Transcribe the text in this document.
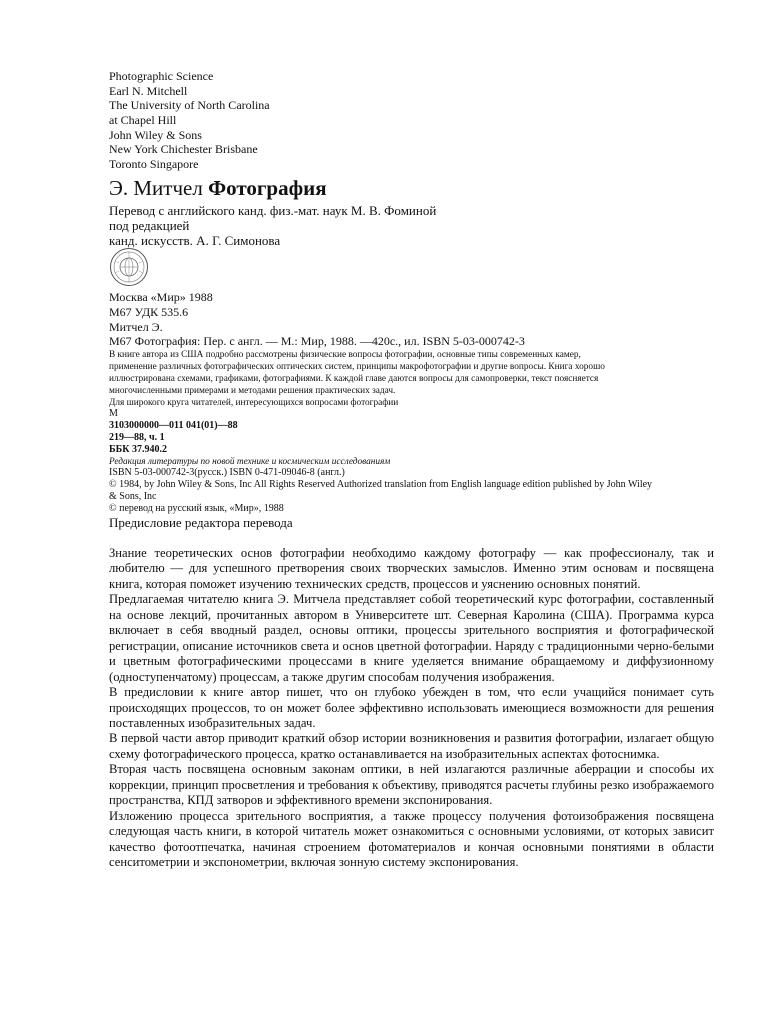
Photographic Science
Earl N. Mitchell
The University of North Carolina
at Chapel Hill
John Wiley & Sons
New York Chichester Brisbane
Toronto Singapore
Э. Митчел Фотография
Перевод с английского канд. физ.-мат. наук М. В. Фоминой
под редакцией
канд. искусств. А. Г. Симонова
Москва «Мир» 1988
М67 УДК 535.6
Митчел Э.
М67 Фотография: Пер. с англ. — М.: Мир, 1988. —420с., ил. ISBN 5-03-000742-3
В книге автора из США подробно рассмотрены физические вопросы фотографии, основные типы современных камер,
применение различных фотографических оптических систем, принципы макрофотографии и другие вопросы. Книга хорошо
иллюстрирована схемами, графиками, фотографиями. К каждой главе даются вопросы для самопроверки, текст поясняется
многочисленными примерами и методами решения практических задач.
Для широкого круга читателей, интересующихся вопросами фотографии
М
3103000000—011 041(01)—88
219—88, ч. 1
ББК 37.940.2
Редакция литературы по новой технике и космическим исследованиям
ISBN 5-03-000742-3(русск.) ISBN 0-471-09046-8 (англ.)
© 1984, by John Wiley & Sons, Inc All Rights Reserved Authorized translation from English language edition published by John Wiley
& Sons, Inc
© перевод на русский язык, «Мир», 1988
Предисловие редактора перевода

Знание теоретических основ фотографии необходимо каждому фотографу — как профессионалу, так и любителю — для успешного претворения своих творческих замыслов. Именно этим основам и посвящена книга, которая поможет изучению технических средств, процессов и уяснению основных понятий.

Предлагаемая читателю книга Э. Митчела представляет собой теоретический курс фотографии, составленный на основе лекций, прочитанных автором в Университете шт. Северная Каролина (США). Программа курса включает в себя вводный раздел, основы оптики, процессы зрительного восприятия и фотографической регистрации, описание источников света и основ цветной фотографии. Наряду с традиционными черно-белыми и цветным фотографическими процессами в книге уделяется внимание обращаемому и диффузионному (одноступенчатому) процессам, а также другим способам получения изображения.

В предисловии к книге автор пишет, что он глубоко убежден в том, что если учащийся понимает суть происходящих процессов, то он может более эффективно использовать имеющиеся возможности для решения поставленных изобразительных задач.

В первой части автор приводит краткий обзор истории возникновения и развития фотографии, излагает общую схему фотографического процесса, кратко останавливается на изобразительных аспектах фотоснимка.

Вторая часть посвящена основным законам оптики, в ней излагаются различные аберрации и способы их коррекции, принцип просветления и требования к объективу, приводятся расчеты глубины резко изображаемого пространства, КПД затворов и эффективного времени экспонирования.

Изложению процесса зрительного восприятия, а также процессу получения фотоизображения посвящена следующая часть книги, в которой читатель может ознакомиться с основными условиями, от которых зависит качество фотоотпечатка, начиная строением фотоматериалов и кончая основными понятиями в области сенситометрии и экспонометрии, включая зонную систему экспонирования.
